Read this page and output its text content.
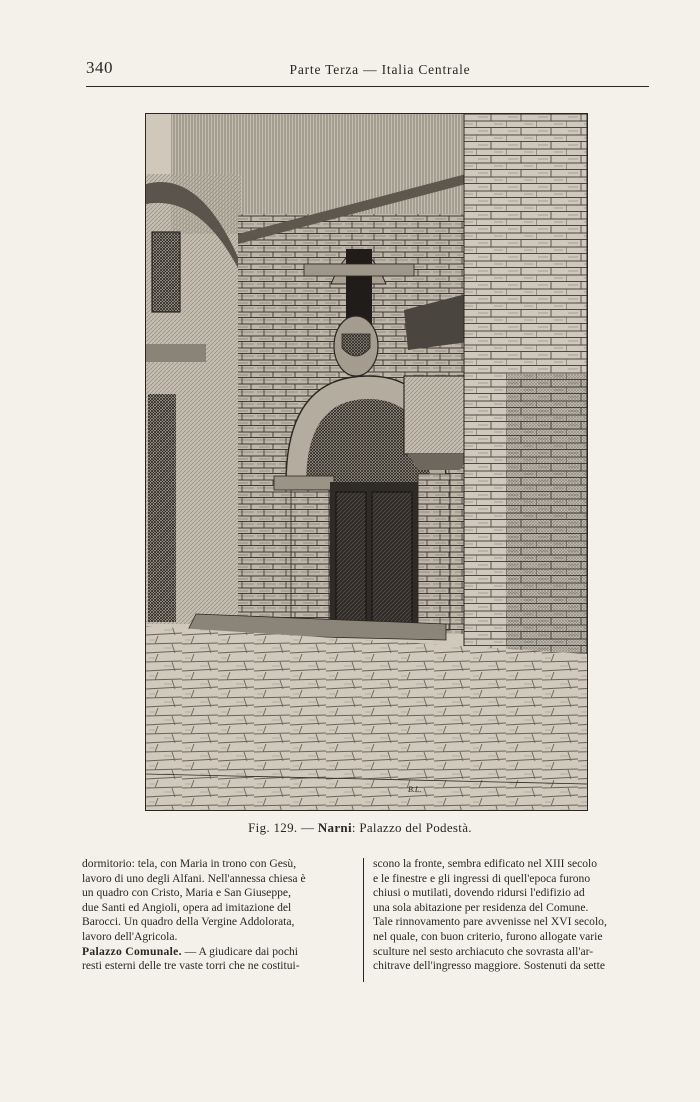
340	Parte Terza — Italia Centrale
B.L.
Fig. 129. — Narni: Palazzo del Podestà.

dormitorio: tela, con Maria in trono con Gesù,

lavoro di uno degli Alfani. Nell'annessa chiesa è

un quadro con Cristo, Maria e San Giuseppe,

due Santi ed Angioli, opera ad imitazione del

Barocci. Un quadro della Vergine Addolorata,

lavoro dell'Agricola.

Palazzo Comunale. — A giudicare dai pochi

resti esterni delle tre vaste torri che ne costitui-

scono la fronte, sembra edificato nel XIII secolo

e le finestre e gli ingressi di quell'epoca furono

chiusi o mutilati, dovendo ridursi l'edifizio ad

una sola abitazione per residenza del Comune.

Tale rinnovamento pare avvenisse nel XVI secolo,

nel quale, con buon criterio, furono allogate varie

sculture nel sesto archiacuto che sovrasta all'ar-

chitrave dell'ingresso maggiore. Sostenuti da sette
